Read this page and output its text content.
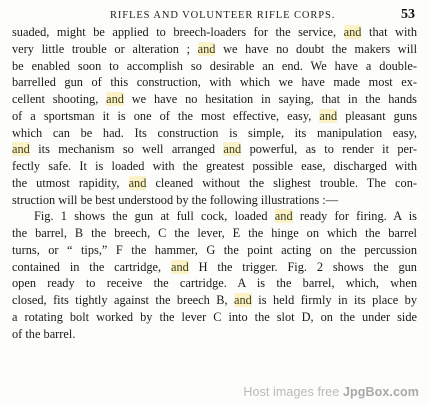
RIFLES AND VOLUNTEER RIFLE CORPS.	53
suaded, might be applied to breech-loaders for the service, and that with
very little trouble or alteration ; and we have no doubt the makers will
be enabled soon to accomplish so desirable an end. We have a double-
barrelled gun of this construction, with which we have made most ex-
cellent shooting, and we have no hesitation in saying, that in the hands
of a sportsman it is one of the most effective, easy, and pleasant guns
which can be had. Its construction is simple, its manipulation easy,
and its mechanism so well arranged and powerful, as to render it per-
fectly safe. It is loaded with the greatest possible ease, discharged with
the utmost rapidity, and cleaned without the slighest trouble. The con-
struction will be best understood by the following illustrations :—
Fig. 1 shows the gun at full cock, loaded and ready for firing. A is
the barrel, B the breech, C the lever, E the hinge on which the barrel
turns, or “ tips,” F the hammer, G the point acting on the percussion
contained in the cartridge, and H the trigger. Fig. 2 shows the gun
open ready to receive the cartridge. A is the barrel, which, when
closed, fits tightly against the breech B, and is held firmly in its place by
a rotating bolt worked by the lever C into the slot D, on the under side
of the barrel.
Host images free JpgBox.com
